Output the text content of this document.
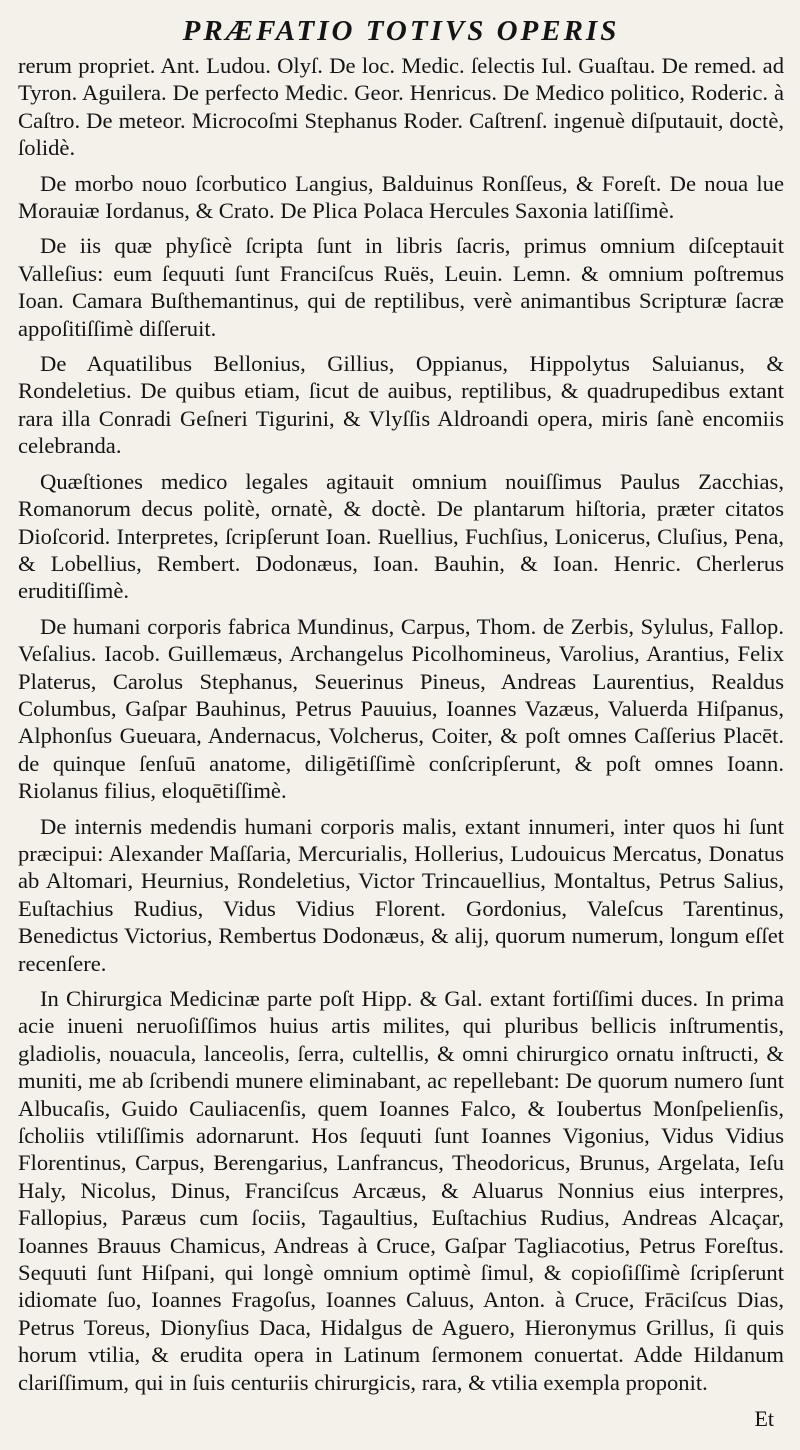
PRÆFATIO TOTIVS OPERIS

rerum propriet. Ant. Ludou. Olyſ. De loc. Medic. ſelectis Iul. Guaſtau. De remed. ad Tyron. Aguilera. De perfecto Medic. Geor. Henricus. De Medico politico, Roderic. à Caſtro. De meteor. Microcoſmi Stephanus Roder. Caſtrenſ. ingenuè diſputauit, doctè, ſolidè.

De morbo nouo ſcorbutico Langius, Balduinus Ronſſeus, & Foreſt. De noua lue Morauiæ Iordanus, & Crato. De Plica Polaca Hercules Saxonia latiſſimè.

De iis quæ phyſicè ſcripta ſunt in libris ſacris, primus omnium diſceptauit Valleſius: eum ſequuti ſunt Franciſcus Ruës, Leuin. Lemn. & omnium poſtremus Ioan. Camara Buſthemantinus, qui de reptilibus, verè animantibus Scripturæ ſacræ appoſitiſſimè diſſeruit.

De Aquatilibus Bellonius, Gillius, Oppianus, Hippolytus Saluianus, & Rondeletius. De quibus etiam, ſicut de auibus, reptilibus, & quadrupedibus extant rara illa Conradi Geſneri Tigurini, & Vlyſſis Aldroandi opera, miris ſanè encomiis celebranda.

Quæſtiones medico legales agitauit omnium nouiſſimus Paulus Zacchias, Romanorum decus politè, ornatè, & doctè. De plantarum hiſtoria, præter citatos Dioſcorid. Interpretes, ſcripſerunt Ioan. Ruellius, Fuchſius, Lonicerus, Cluſius, Pena, & Lobellius, Rembert. Dodonæus, Ioan. Bauhin, & Ioan. Henric. Cherlerus eruditiſſimè.

De humani corporis fabrica Mundinus, Carpus, Thom. de Zerbis, Sylulus, Fallop. Veſalius. Iacob. Guillemæus, Archangelus Picolhomineus, Varolius, Arantius, Felix Platerus, Carolus Stephanus, Seuerinus Pineus, Andreas Laurentius, Realdus Columbus, Gaſpar Bauhinus, Petrus Pauuius, Ioannes Vazæus, Valuerda Hiſpanus, Alphonſus Gueuara, Andernacus, Volcherus, Coiter, & poſt omnes Caſſerius Placēt. de quinque ſenſuū anatome, diligētiſſimè conſcripſerunt, & poſt omnes Ioann. Riolanus filius, eloquētiſſimè.

De internis medendis humani corporis malis, extant innumeri, inter quos hi ſunt præcipui: Alexander Maſſaria, Mercurialis, Hollerius, Ludouicus Mercatus, Donatus ab Altomari, Heurnius, Rondeletius, Victor Trincauellius, Montaltus, Petrus Salius, Euſtachius Rudius, Vidus Vidius Florent. Gordonius, Valeſcus Tarentinus, Benedictus Victorius, Rembertus Dodonæus, & alij, quorum numerum, longum eſſet recenſere.

In Chirurgica Medicinæ parte poſt Hipp. & Gal. extant fortiſſimi duces. In prima acie inueni neruoſiſſimos huius artis milites, qui pluribus bellicis inſtrumentis, gladiolis, nouacula, lanceolis, ſerra, cultellis, & omni chirurgico ornatu inſtructi, & muniti, me ab ſcribendi munere eliminabant, ac repellebant: De quorum numero ſunt Albucaſis, Guido Cauliacenſis, quem Ioannes Falco, & Ioubertus Monſpelienſis, ſcholiis vtiliſſimis adornarunt. Hos ſequuti ſunt Ioannes Vigonius, Vidus Vidius Florentinus, Carpus, Berengarius, Lanfrancus, Theodoricus, Brunus, Argelata, Ieſu Haly, Nicolus, Dinus, Franciſcus Arcæus, & Aluarus Nonnius eius interpres, Fallopius, Paræus cum ſociis, Tagaultius, Euſtachius Rudius, Andreas Alcaçar, Ioannes Brauus Chamicus, Andreas à Cruce, Gaſpar Tagliacotius, Petrus Foreſtus. Sequuti ſunt Hiſpani, qui longè omnium optimè ſimul, & copioſiſſimè ſcripſerunt idiomate ſuo, Ioannes Fragoſus, Ioannes Caluus, Anton. à Cruce, Frāciſcus Dias, Petrus Toreus, Dionyſius Daca, Hidalgus de Aguero, Hieronymus Grillus, ſi quis horum vtilia, & erudita opera in Latinum ſermonem conuertat. Adde Hildanum clariſſimum, qui in ſuis centuriis chirurgicis, rara, & vtilia exempla proponit.

Et
